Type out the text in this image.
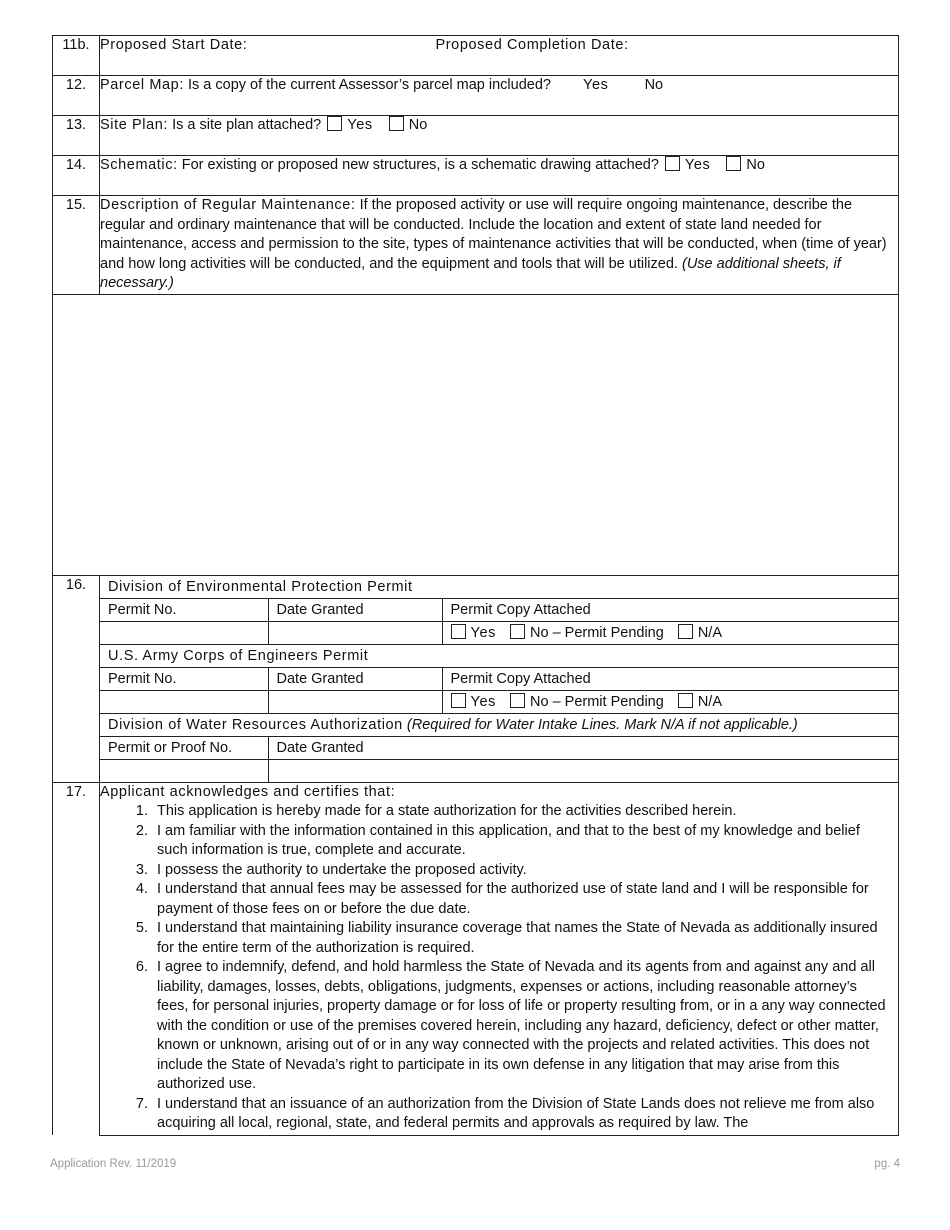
11b.	Proposed Start Date:	Proposed Completion Date:
12.	Parcel Map: Is a copy of the current Assessor’s parcel map included? Yes No
13.	Site Plan: Is a site plan attached? Yes No
14.	Schematic: For existing or proposed new structures, is a schematic drawing attached? Yes No
15.	Description of Regular Maintenance: If the proposed activity or use will require ongoing maintenance, describe the regular and ordinary maintenance that will be conducted. Include the location and extent of state land needed for maintenance, access and permission to the site, types of maintenance activities that will be conducted, when (time of year) and how long activities will be conducted, and the equipment and tools that will be utilized. (Use additional sheets, if necessary.)

16.	Division of Environmental Protection Permit
Permit No.	Date Granted	Permit Copy Attached
		Yes No – Permit Pending N/A
U.S. Army Corps of Engineers Permit
Permit No.	Date Granted	Permit Copy Attached
		Yes No – Permit Pending N/A
Division of Water Resources Authorization (Required for Water Intake Lines. Mark N/A if not applicable.)
Permit or Proof No.	Date Granted

17.	Applicant acknowledges and certifies that:
1. This application is hereby made for a state authorization for the activities described herein.
2. I am familiar with the information contained in this application, and that to the best of my knowledge and belief such information is true, complete and accurate.
3. I possess the authority to undertake the proposed activity.
4. I understand that annual fees may be assessed for the authorized use of state land and I will be responsible for payment of those fees on or before the due date.
5. I understand that maintaining liability insurance coverage that names the State of Nevada as additionally insured for the entire term of the authorization is required.
6. I agree to indemnify, defend, and hold harmless the State of Nevada and its agents from and against any and all liability, damages, losses, debts, obligations, judgments, expenses or actions, including reasonable attorney’s fees, for personal injuries, property damage or for loss of life or property resulting from, or in a any way connected with the condition or use of the premises covered herein, including any hazard, deficiency, defect or other matter, known or unknown, arising out of or in any way connected with the projects and related activities. This does not include the State of Nevada’s right to participate in its own defense in any litigation that may arise from this authorized use.
7. I understand that an issuance of an authorization from the Division of State Lands does not relieve me from also acquiring all local, regional, state, and federal permits and approvals as required by law. The
Application Rev. 11/2019	pg. 4
